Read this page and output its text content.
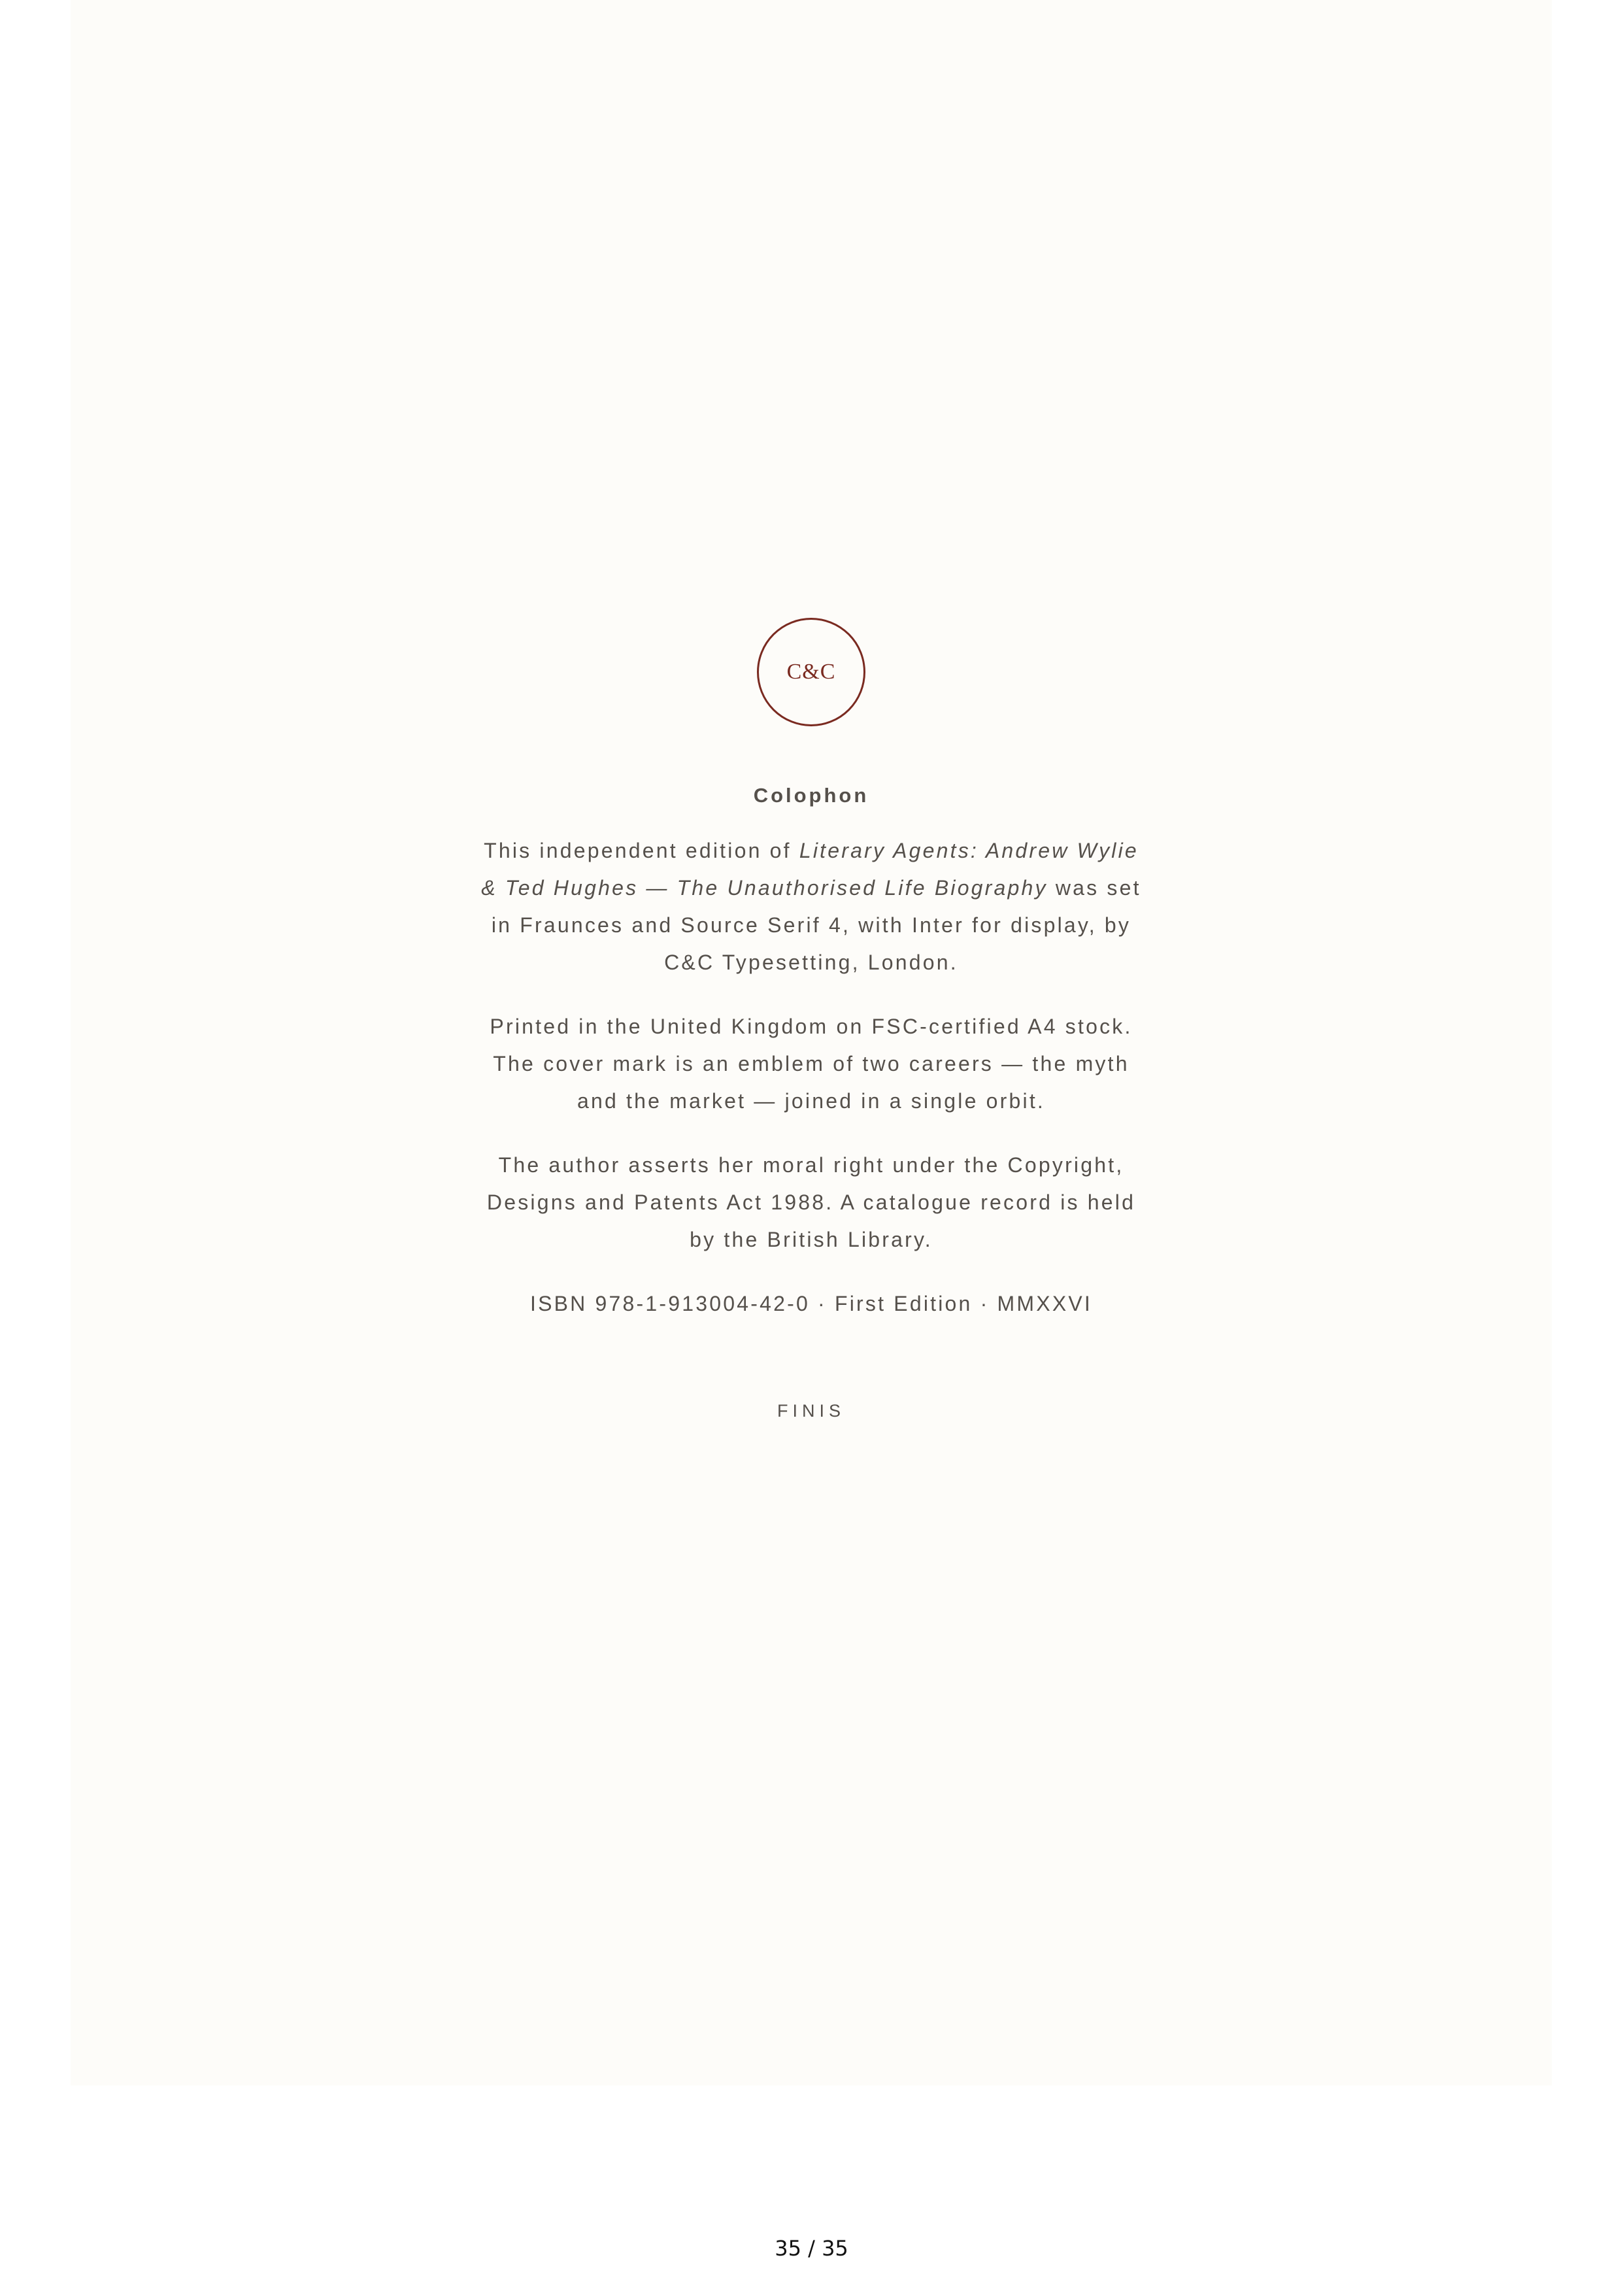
C&C
Colophon

This independent edition of Literary Agents: Andrew Wylie & Ted Hughes — The Unauthorised Life Biography was set in Fraunces and Source Serif 4, with Inter for display, by C&C Typesetting, London.

Printed in the United Kingdom on FSC-certified A4 stock. The cover mark is an emblem of two careers — the myth and the market — joined in a single orbit.

The author asserts her moral right under the Copyright, Designs and Patents Act 1988. A catalogue record is held by the British Library.

ISBN 978-1-913004-42-0 · First Edition · MMXXVI
FINIS
35 / 35
